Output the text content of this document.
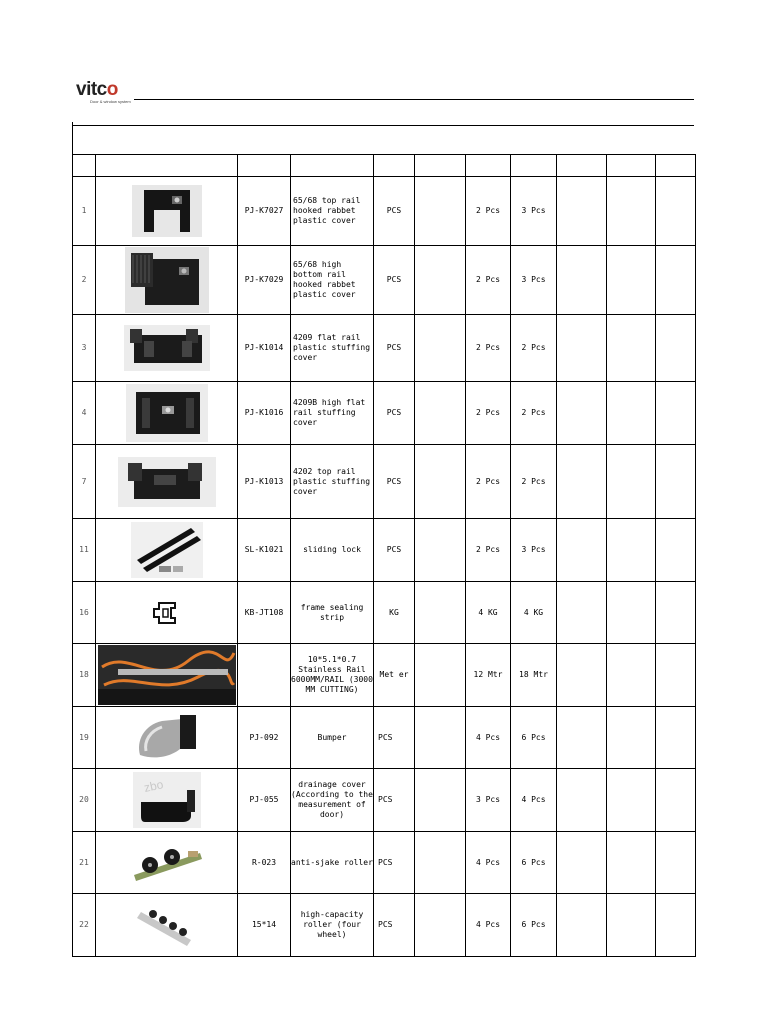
vitco
Door & window system

1		PJ-K7027	65/68 top rail hooked rabbet plastic cover	PCS		2 Pcs	3 Pcs			
2		PJ-K7029	65/68 high bottom rail hooked rabbet plastic cover	PCS		2 Pcs	3 Pcs			
3		PJ-K1014	4209 flat rail plastic stuffing cover	PCS		2 Pcs	2 Pcs			
4		PJ-K1016	4209B high flat rail stuffing cover	PCS		2 Pcs	2 Pcs			
7		PJ-K1013	4202 top rail plastic stuffing cover	PCS		2 Pcs	2 Pcs			
11		SL-K1021	sliding lock	PCS		2 Pcs	3 Pcs			
16		KB-JT108	frame sealing strip	KG		4 KG	4 KG			
18			10*5.1*0.7 Stainless Rail 6000MM/RAIL (3000 MM CUTTING)	Met er		12 Mtr	18 Mtr			
19		PJ-092	Bumper	PCS		4 Pcs	6 Pcs			
20	zbo	PJ-055	drainage cover (According to the measurement of door)	PCS		3 Pcs	4 Pcs			
21		R-023	anti-sjake roller	PCS		4 Pcs	6 Pcs			
22		15*14	high-capacity roller (four wheel)	PCS		4 Pcs	6 Pcs			
